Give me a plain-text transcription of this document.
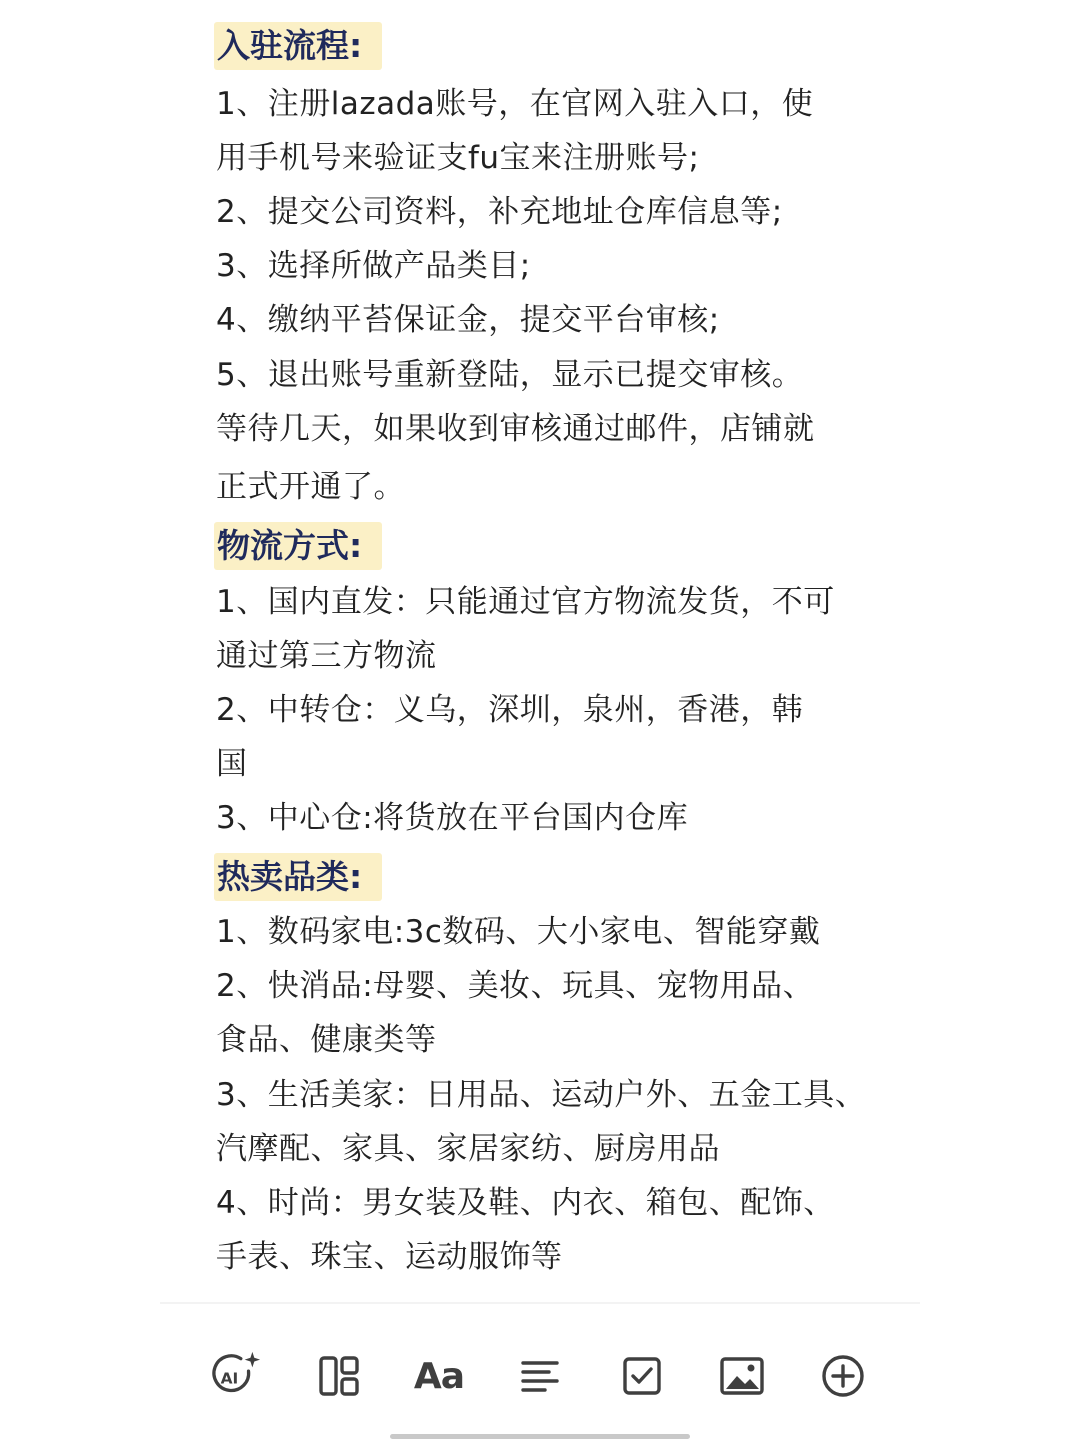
入驻流程:
1、注册lazada账号，在官网入驻入口，使
用手机号来验证支fu宝来注册账号;
2、提交公司资料，补充地址仓库信息等;
3、选择所做产品类目;
4、缴纳平苔保证金，提交平台审核;
5、退出账号重新登陆，显示已提交审核。
等待几天，如果收到审核通过邮件，店铺就
正式开通了。
物流方式:
1、国内直发：只能通过官方物流发货，不可
通过第三方物流
2、中转仓：义乌，深圳，泉州，香港，韩
国
3、中心仓:将货放在平台国内仓库
热卖品类:
1、数码家电:3c数码、大小家电、智能穿戴
2、快消品:母婴、美妆、玩具、宠物用品、
食品、健康类等
3、生活美家：日用品、运动户外、五金工具、
汽摩配、家具、家居家纺、厨房用品
4、时尚：男女装及鞋、内衣、箱包、配饰、
手表、珠宝、运动服饰等
AI	Aa
